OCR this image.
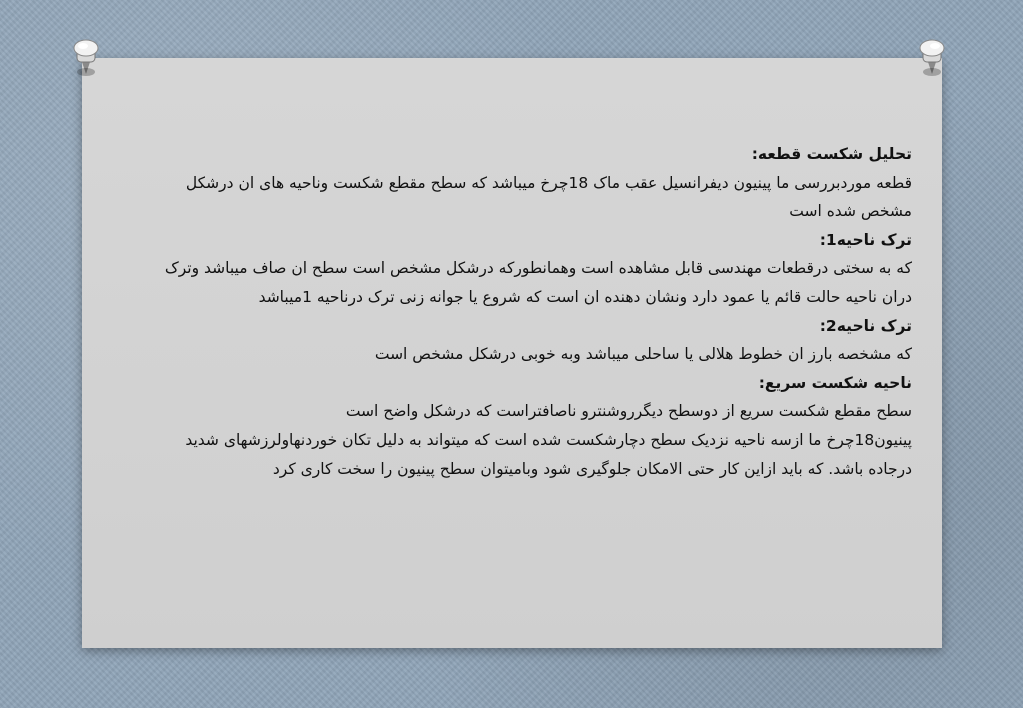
تحلیل شکست قطعه:

قطعه موردبررسی ما پینیون دیفرانسیل عقب ماک 18چرخ میباشد که سطح مقطع شکست وناحیه های ان درشکل

مشخص شده است

ترک ناحیه1:

که به سختی درقطعات مهندسی قابل مشاهده است وهمانطورکه درشکل مشخص است سطح ان صاف میباشد وترک

دران ناحیه حالت قائم یا عمود دارد ونشان دهنده ان است که شروع یا جوانه زنی ترک درناحیه 1میباشد

ترک ناحیه2:

که مشخصه بارز ان خطوط هلالی یا ساحلی میباشد وبه خوبی درشکل مشخص است

ناحیه شکست سریع:

سطح مقطع شکست سریع از دوسطح دیگرروشنترو ناصافتراست که درشکل واضح است

پینیون18چرخ ما ازسه ناحیه نزدیک سطح دچارشکست شده است که میتواند به دلیل تکان خوردنهاولرزشهای شدید

درجاده باشد. که باید ازاین کار حتی الامکان جلوگیری شود وبامیتوان سطح پینیون را سخت کاری کرد
